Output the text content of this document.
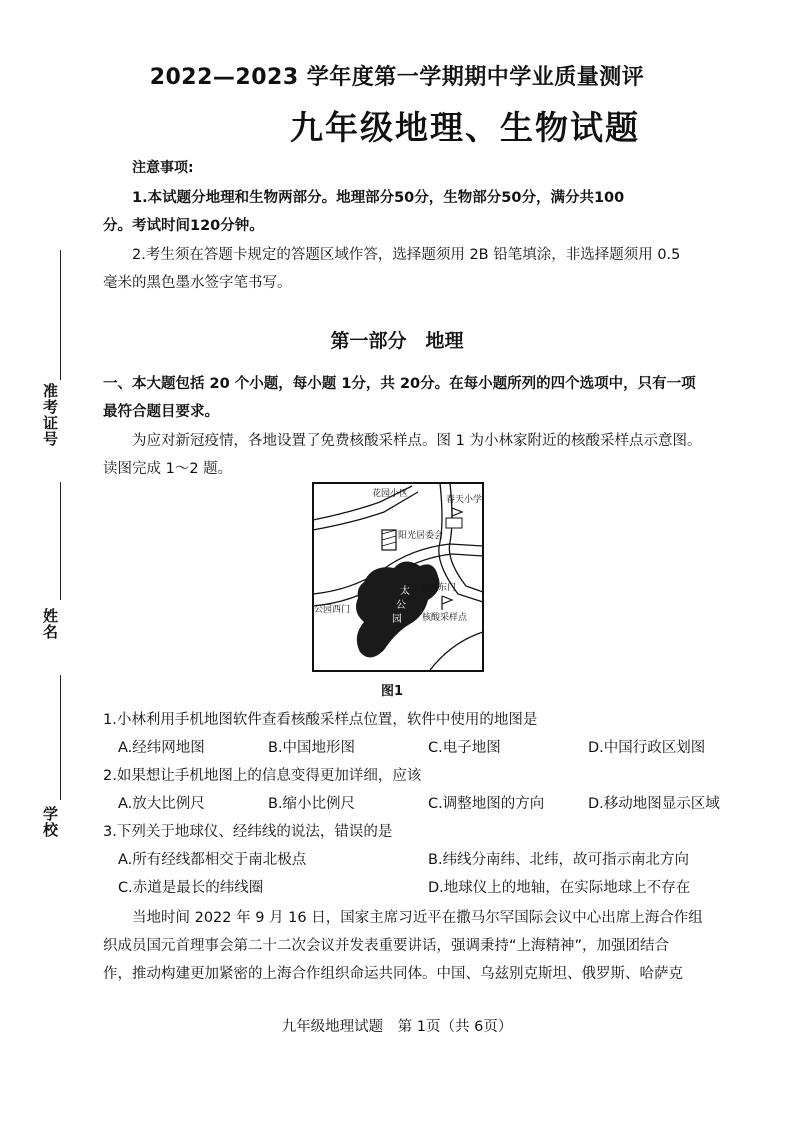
准考证号
姓名
学校
2022—2023 学年度第一学期期中学业质量测评
九年级地理、生物试题
注意事项:
1.本试题分地理和生物两部分。地理部分50分，生物部分50分，满分共100
分。考试时间120分钟。
2.考生须在答题卡规定的答题区域作答，选择题须用 2B 铅笔填涂，非选择题须用 0.5
毫米的黑色墨水签字笔书写。
第一部分　地理
一、本大题包括 20 个小题，每小题 1分，共 20分。在每小题所列的四个选项中，只有一项
最符合题目要求。
为应对新冠疫情，各地设置了免费核酸采样点。图 1 为小林家附近的核酸采样点示意图。
读图完成 1～2 题。
花园小区
春天小学
阳光居委会
公园西门
公园东门
核酸采样点
太
公
园
图1
1.小林利用手机地图软件查看核酸采样点位置，软件中使用的地图是
A.经纬网地图	B.中国地形图	C.电子地图	D.中国行政区划图
2.如果想让手机地图上的信息变得更加详细，应该
A.放大比例尺	B.缩小比例尺	C.调整地图的方向	D.移动地图显示区域
3.下列关于地球仪、经纬线的说法，错误的是
A.所有经线都相交于南北极点	B.纬线分南纬、北纬，故可指示南北方向
C.赤道是最长的纬线圈	D.地球仪上的地轴，在实际地球上不存在
当地时间 2022 年 9 月 16 日，国家主席习近平在撒马尔罕国际会议中心出席上海合作组
织成员国元首理事会第二十二次会议并发表重要讲话，强调秉持“上海精神”，加强团结合
作，推动构建更加紧密的上海合作组织命运共同体。中国、乌兹别克斯坦、俄罗斯、哈萨克
九年级地理试题　第 1页（共 6页）
